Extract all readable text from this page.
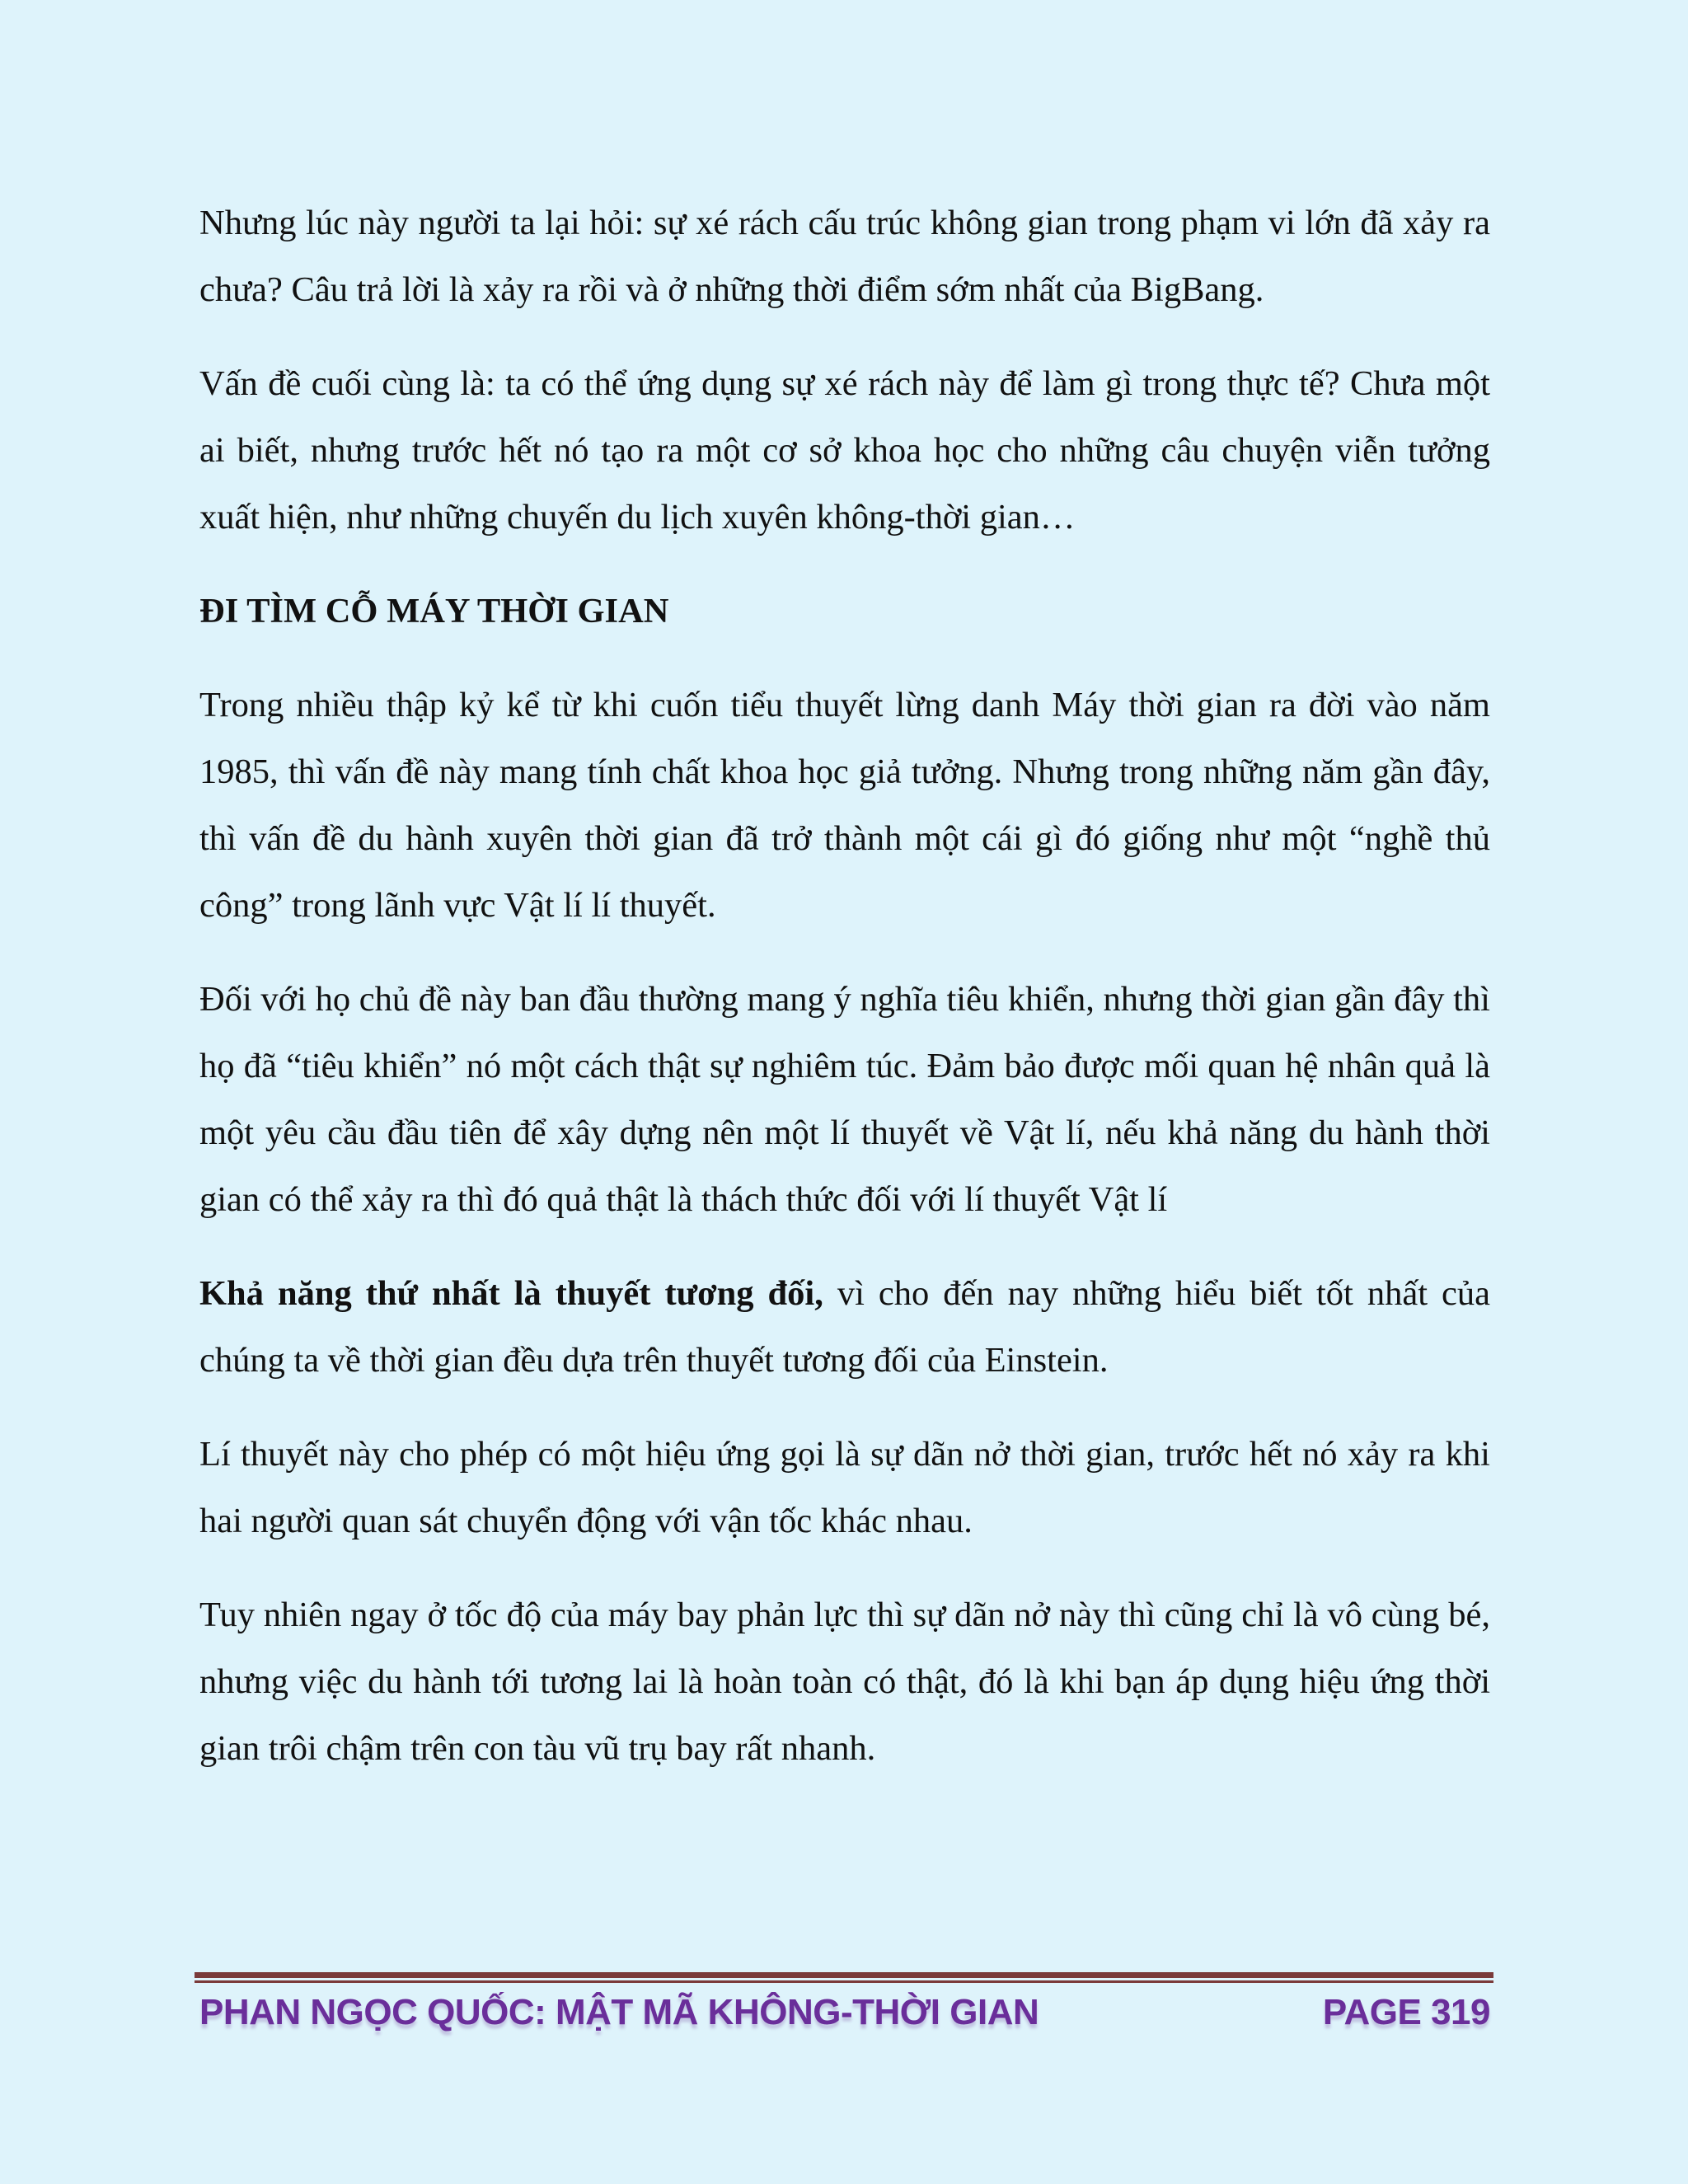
Nhưng lúc này người ta lại hỏi: sự xé rách cấu trúc không gian trong phạm vi lớn đã xảy ra chưa? Câu trả lời là xảy ra rồi và ở những thời điểm sớm nhất của BigBang.

Vấn đề cuối cùng là: ta có thể ứng dụng sự xé rách này để làm gì trong thực tế? Chưa một ai biết, nhưng trước hết nó tạo ra một cơ sở khoa học cho những câu chuyện viễn tưởng xuất hiện, như những chuyến du lịch xuyên không-thời gian…

ĐI TÌM CỖ MÁY THỜI GIAN

Trong nhiều thập kỷ kể từ khi cuốn tiểu thuyết lừng danh Máy thời gian ra đời vào năm 1985, thì vấn đề này mang tính chất khoa học giả tưởng. Nhưng trong những năm gần đây, thì vấn đề du hành xuyên thời gian đã trở thành một cái gì đó giống như một “nghề thủ công” trong lãnh vực Vật lí lí thuyết.

Đối với họ chủ đề này ban đầu thường mang ý nghĩa tiêu khiển, nhưng thời gian gần đây thì họ đã “tiêu khiển” nó một cách thật sự nghiêm túc. Đảm bảo được mối quan hệ nhân quả là một yêu cầu đầu tiên để xây dựng nên một lí thuyết về Vật lí, nếu khả năng du hành thời gian có thể xảy ra thì đó quả thật là thách thức đối với lí thuyết Vật lí

Khả năng thứ nhất là thuyết tương đối, vì cho đến nay những hiểu biết tốt nhất của chúng ta về thời gian đều dựa trên thuyết tương đối của Einstein.

Lí thuyết này cho phép có một hiệu ứng gọi là sự dãn nở thời gian, trước hết nó xảy ra khi hai người quan sát chuyển động với vận tốc khác nhau.

Tuy nhiên ngay ở tốc độ của máy bay phản lực thì sự dãn nở này thì cũng chỉ là vô cùng bé, nhưng việc du hành tới tương lai là hoàn toàn có thật, đó là khi bạn áp dụng hiệu ứng thời gian trôi chậm trên con tàu vũ trụ bay rất nhanh.

PHAN NGỌC QUỐC: MẬT MÃ KHÔNG-THỜI GIAN	PAGE 319
